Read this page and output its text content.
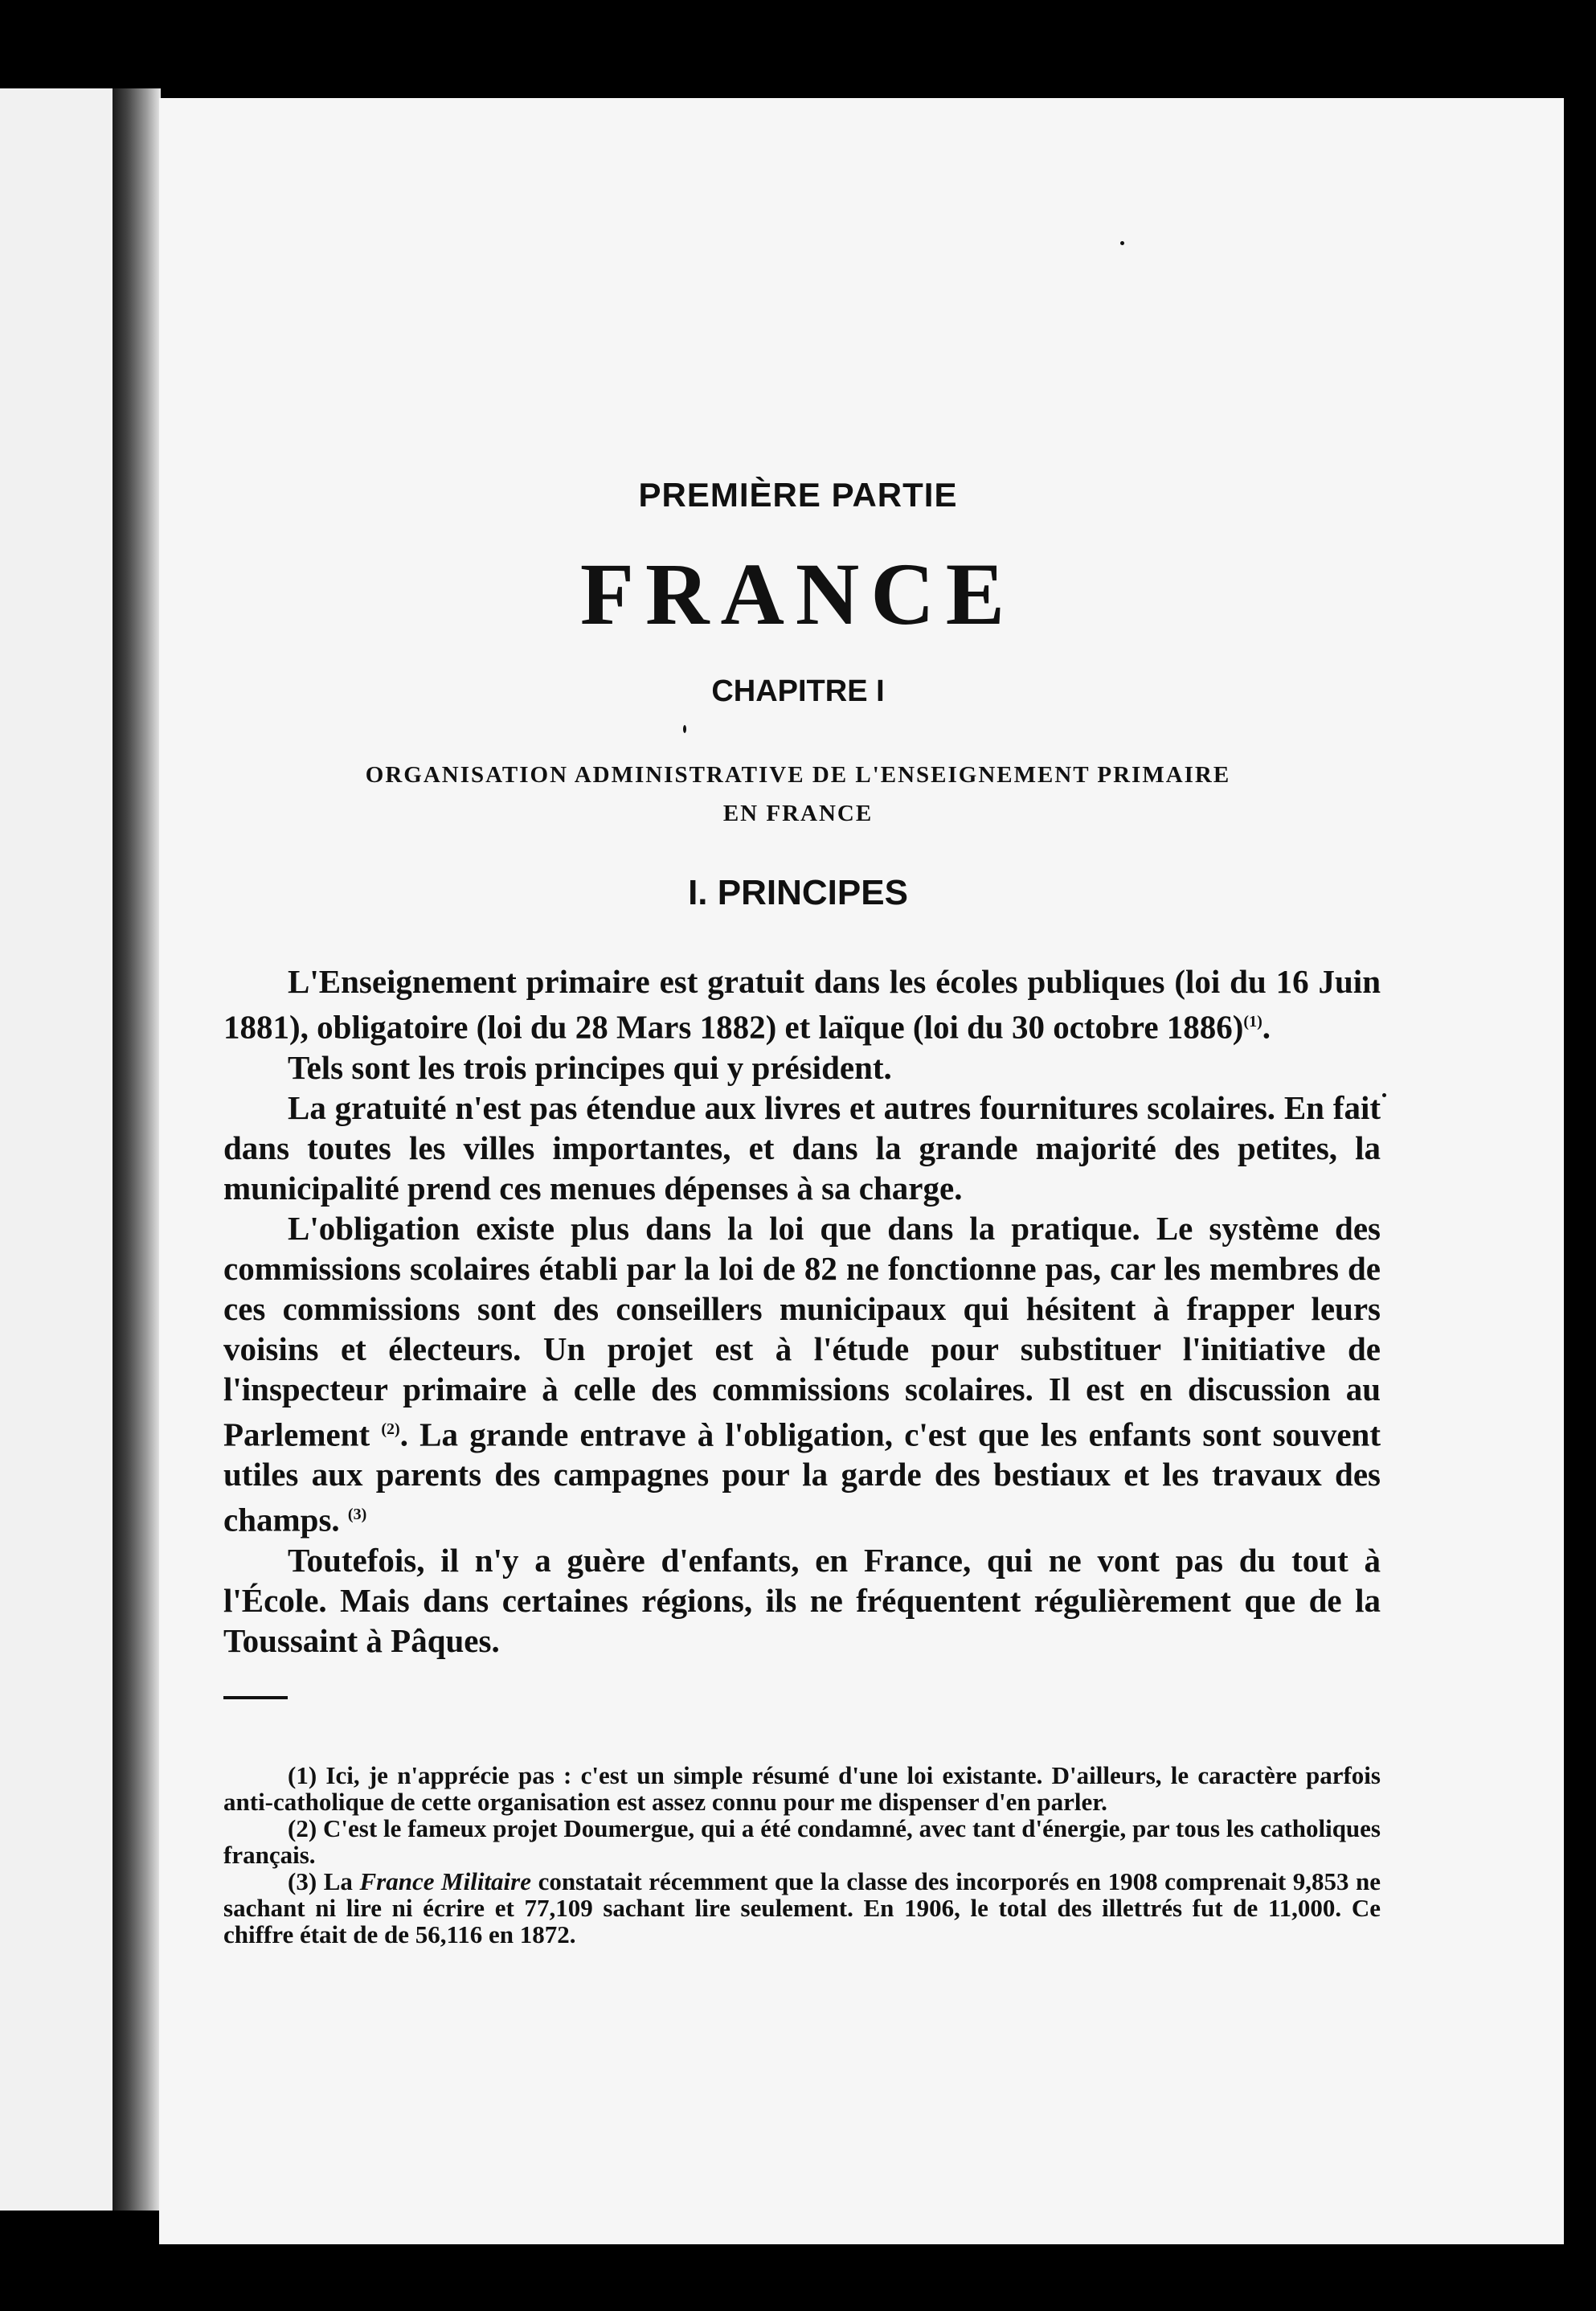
PREMIÈRE PARTIE
FRANCE
CHAPITRE I
ORGANISATION ADMINISTRATIVE DE L'ENSEIGNEMENT PRIMAIRE
EN FRANCE
I. PRINCIPES

L'Enseignement primaire est gratuit dans les écoles publiques (loi du 16 Juin 1881), obligatoire (loi du 28 Mars 1882) et laïque (loi du 30 octobre 1886)$^{(1)}$.

Tels sont les trois principes qui y président.

La gratuité n'est pas étendue aux livres et autres fournitures scolaires. En fait dans toutes les villes importantes, et dans la grande majorité des petites, la municipalité prend ces menues dépenses à sa charge.

L'obligation existe plus dans la loi que dans la pratique. Le système des commissions scolaires établi par la loi de 82 ne fonctionne pas, car les membres de ces commissions sont des conseillers municipaux qui hésitent à frapper leurs voisins et électeurs. Un projet est à l'étude pour substituer l'initiative de l'inspecteur primaire à celle des commissions scolaires. Il est en discussion au Parlement $^{(2)}$. La grande entrave à l'obligation, c'est que les enfants sont souvent utiles aux parents des campagnes pour la garde des bestiaux et les travaux des champs. $^{(3)}$

Toutefois, il n'y a guère d'enfants, en France, qui ne vont pas du tout à l'École. Mais dans certaines régions, ils ne fréquentent régulièrement que de la Toussaint à Pâques.

(1) Ici, je n'apprécie pas : c'est un simple résumé d'une loi existante. D'ailleurs, le caractère parfois anti-catholique de cette organisation est assez connu pour me dispenser d'en parler.

(2) C'est le fameux projet Doumergue, qui a été condamné, avec tant d'énergie, par tous les catholiques français.

(3) La France Militaire constatait récemment que la classe des incorporés en 1908 comprenait 9,853 ne sachant ni lire ni écrire et 77,109 sachant lire seulement. En 1906, le total des illettrés fut de 11,000. Ce chiffre était de de 56,116 en 1872.
